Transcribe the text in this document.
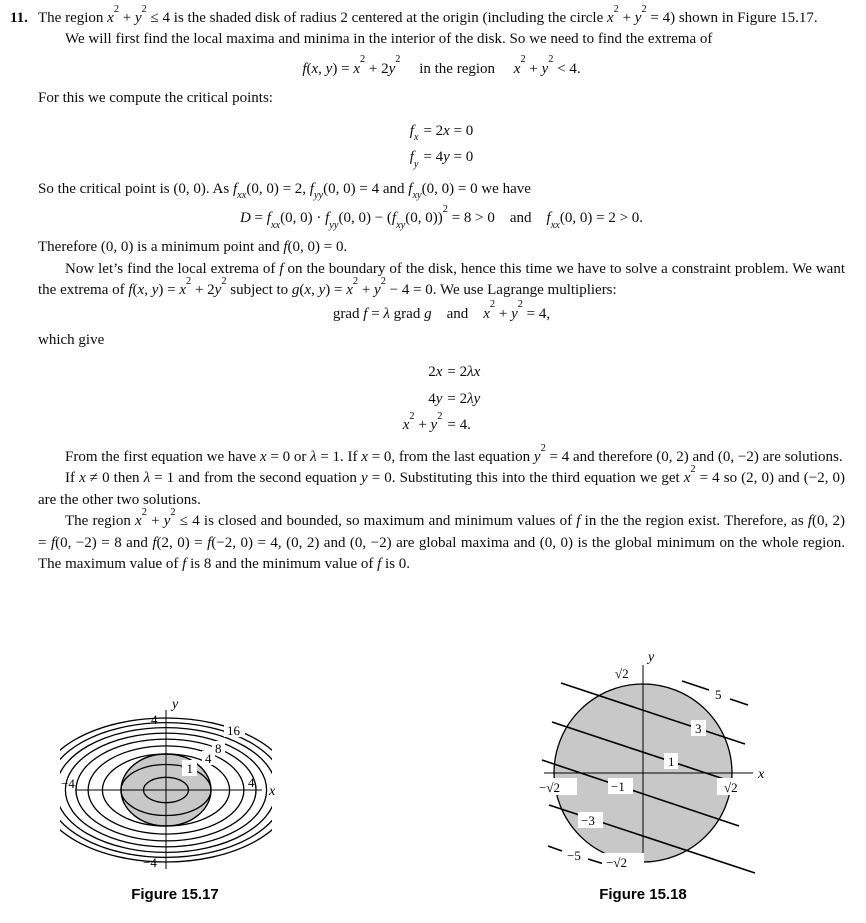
11. The region $x^2 + y^2 \le 4$ is the shaded disk of radius 2 centered at the origin (including the circle $x^2 + y^2 = 4$) shown in Figure 15.17.

We will first find the local maxima and minima in the interior of the disk. So we need to find the extrema of

f(x, $y) = x^2 + 2y^2$  in the region  $x^2 + y^2 < 4$.

For this we compute the critical points:

$f_x$	= 2x = 0
$f_y$	= 4y = 0

So the critical point is (0, 0). As $f_{xx}(0$, 0) = 2, $f_{yy}(0$, 0) = 4 and $f_{xy}(0$, 0) = 0 we have

$D = f_{xx}(0$, $0) \cdot f_{yy}(0$, $0) - (f_{xy}(0$, 0))$^2$ = 8 > 0 and $f_{xx}(0$, 0) = 2 > 0.

Therefore (0, 0) is a minimum point and f(0, 0) = 0.

Now let’s find the local extrema of f on the boundary of the disk, hence this time we have to solve a constraint problem. We want the extrema of f(x, $y) = x^2 + 2y^2$ subject to g(x, $y) = x^2 + y^2 - 4 = 0$. We use Lagrange multipliers:

grad f = λ grad g and $x^2 + y^2 = 4$,

which give

2x	= 2λx
4y	= 2λy
$x^2 + y^2$	= 4.

From the first equation we have x = 0 or λ = 1. If x = 0, from the last equation $y^2 = 4$ and therefore (0, 2) and (0, −2) are solutions.

If x ≠ 0 then λ = 1 and from the second equation y = 0. Substituting this into the third equation we get $x^2 = 4$ so (2, 0) and (−2, 0) are the other two solutions.

The region $x^2 + y^2 \le 4$ is closed and bounded, so maximum and minimum values of f in the the region exist. Therefore, as f(0, 2) = f(0, −2) = 8 and f(2, 0) = f(−2, 0) = 4, (0, 2) and (0, −2) are global maxima and (0, 0) is the global minimum on the whole region. The maximum value of f is 8 and the minimum value of f is 0.

−4	4
4
−4
1
4
8
16
x
y
Figure 15.17
√2
−√2
−√2	√2
3
1
−1
−3
5
−5
x
y
Figure 15.18
